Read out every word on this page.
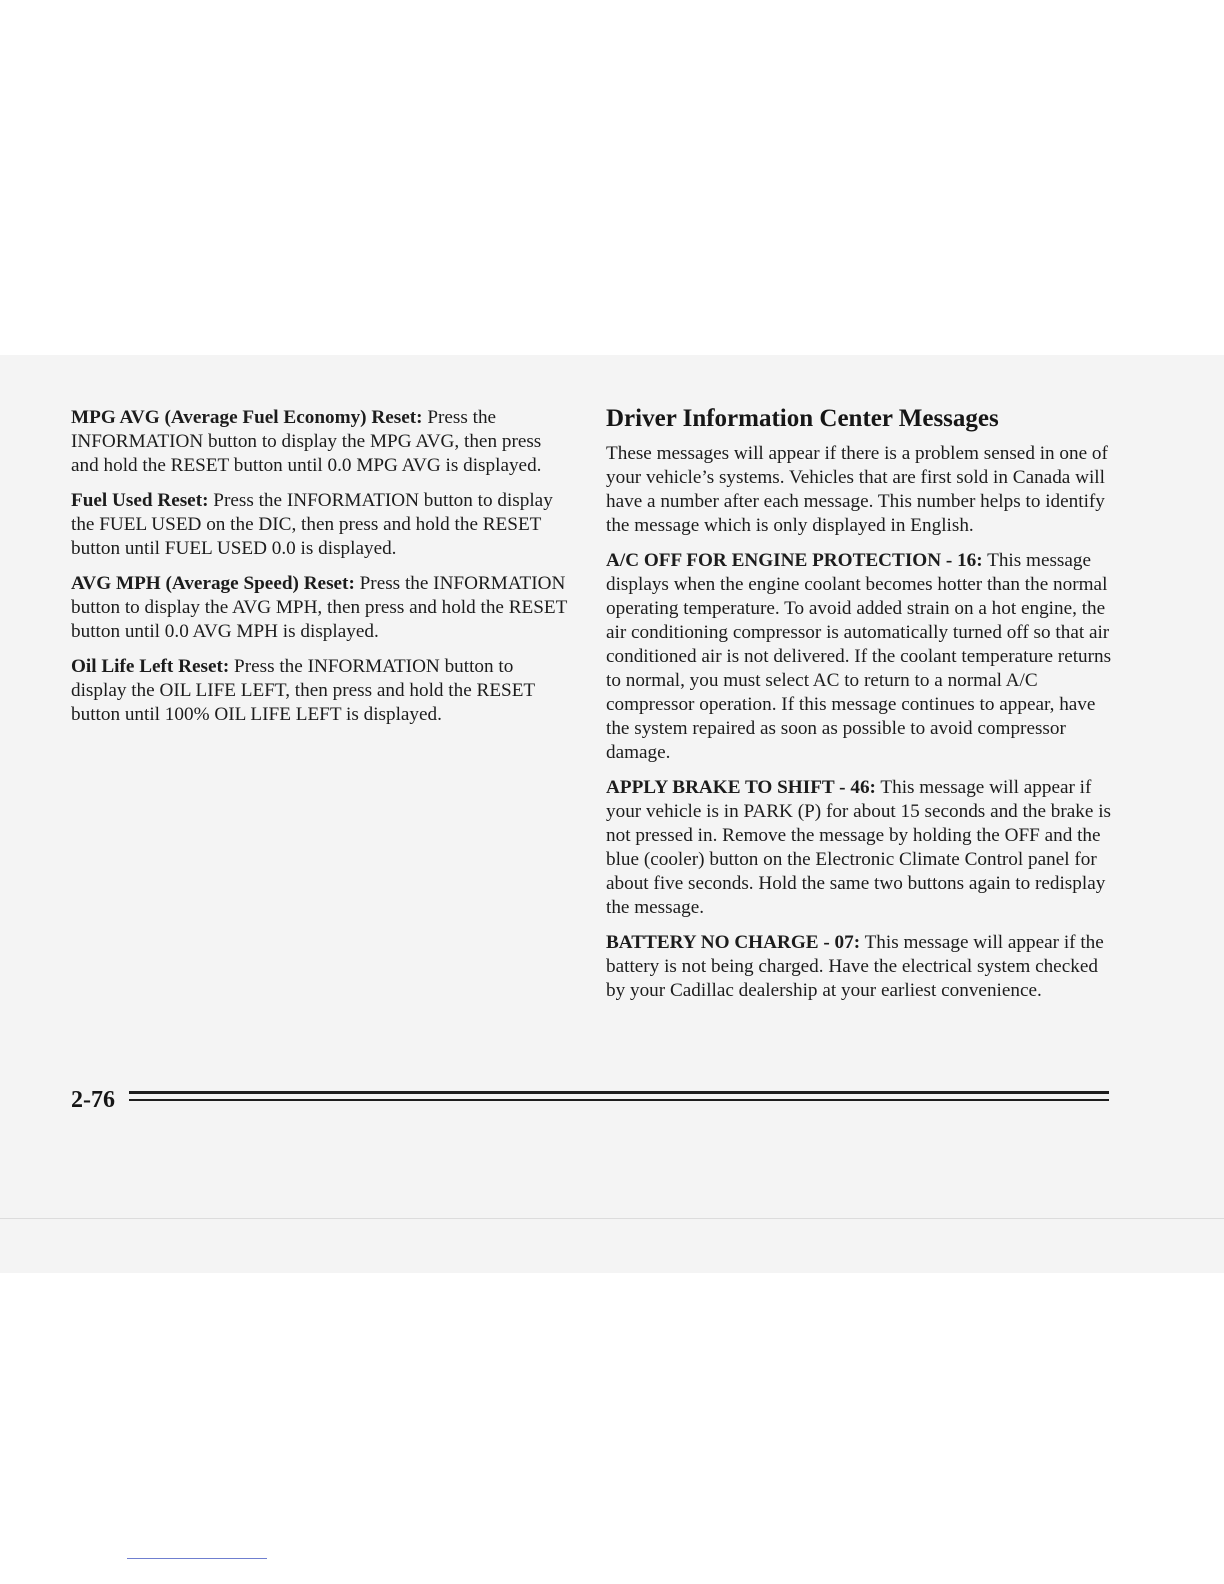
MPG AVG (Average Fuel Economy) Reset: Press the INFORMATION button to display the MPG AVG, then press and hold the RESET button until 0.0 MPG AVG is displayed.

Fuel Used Reset: Press the INFORMATION button to display the FUEL USED on the DIC, then press and hold the RESET button until FUEL USED 0.0 is displayed.

AVG MPH (Average Speed) Reset: Press the INFORMATION button to display the AVG MPH, then press and hold the RESET button until 0.0 AVG MPH is displayed.

Oil Life Left Reset: Press the INFORMATION button to display the OIL LIFE LEFT, then press and hold the RESET button until 100% OIL LIFE LEFT is displayed.

Driver Information Center Messages

These messages will appear if there is a problem sensed in one of your vehicle’s systems. Vehicles that are first sold in Canada will have a number after each message. This number helps to identify the message which is only displayed in English.

A/C OFF FOR ENGINE PROTECTION - 16: This message displays when the engine coolant becomes hotter than the normal operating temperature. To avoid added strain on a hot engine, the air conditioning compressor is automatically turned off so that air conditioned air is not delivered. If the coolant temperature returns to normal, you must select AC to return to a normal A/C compressor operation. If this message continues to appear, have the system repaired as soon as possible to avoid compressor damage.

APPLY BRAKE TO SHIFT - 46: This message will appear if your vehicle is in PARK (P) for about 15 seconds and the brake is not pressed in. Remove the message by holding the OFF and the blue (cooler) button on the Electronic Climate Control panel for about five seconds. Hold the same two buttons again to redisplay the message.

BATTERY NO CHARGE - 07: This message will appear if the battery is not being charged. Have the electrical system checked by your Cadillac dealership at your earliest convenience.

2-76
